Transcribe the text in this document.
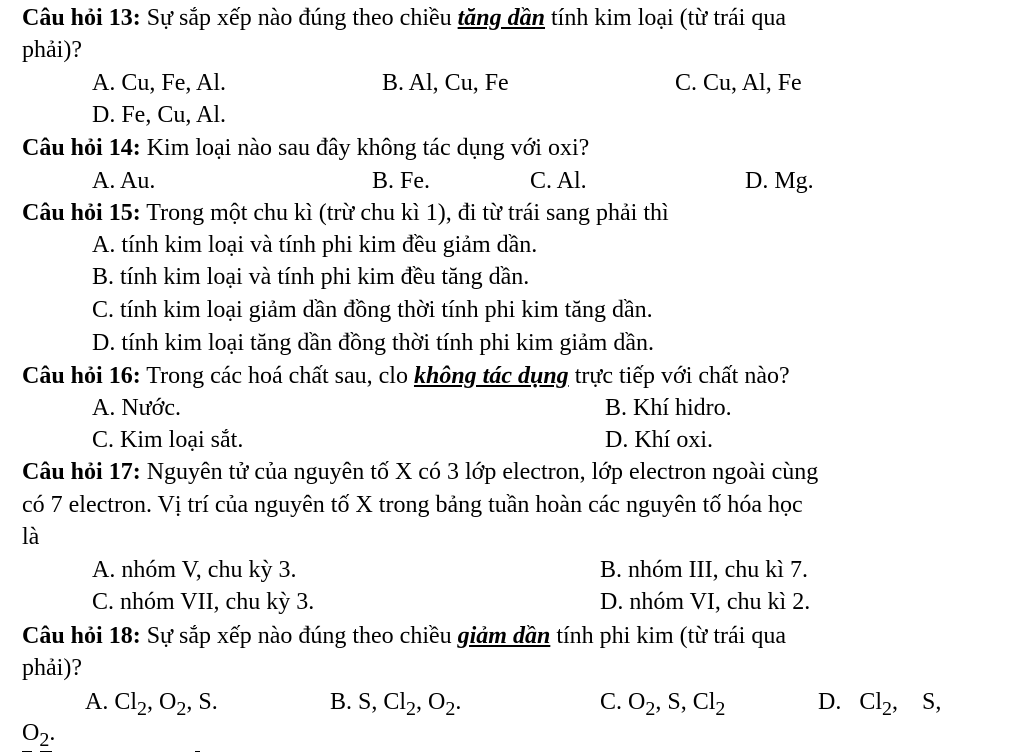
Câu hỏi 13: Sự sắp xếp nào đúng theo chiều tăng dần tính kim loại (từ trái qua
phải)?
A. Cu, Fe, Al.	B. Al, Cu, Fe	C. Cu, Al, Fe
D. Fe, Cu, Al.
Câu hỏi 14: Kim loại nào sau đây không tác dụng với oxi?
A. Au.	B. Fe.	C. Al.	D. Mg.
Câu hỏi 15: Trong một chu kì (trừ chu kì 1), đi từ trái sang phải thì
A. tính kim loại và tính phi kim đều giảm dần.
B. tính kim loại và tính phi kim đều tăng dần.
C. tính kim loại giảm dần đồng thời tính phi kim tăng dần.
D. tính kim loại tăng dần đồng thời tính phi kim giảm dần.
Câu hỏi 16: Trong các hoá chất sau, clo không tác dụng trực tiếp với chất nào?
A. Nước.	B. Khí hidro.
C. Kim loại sắt.	D. Khí oxi.
Câu hỏi 17: Nguyên tử của nguyên tố X có 3 lớp electron, lớp electron ngoài cùng
có 7 electron. Vị trí của nguyên tố X trong bảng tuần hoàn các nguyên tố hóa học
là
A. nhóm V, chu kỳ 3.	B. nhóm III, chu kì 7.
C. nhóm VII, chu kỳ 3.	D. nhóm VI, chu kì 2.
Câu hỏi 18: Sự sắp xếp nào đúng theo chiều giảm dần tính phi kim (từ trái qua
phải)?
A. $Cl_2$, $O_2$, S.	B. S, $Cl_2$, $O_2$.	C. $O_2$, S, $Cl_2$	D.   $Cl_2$,    S,
$O_2$.
